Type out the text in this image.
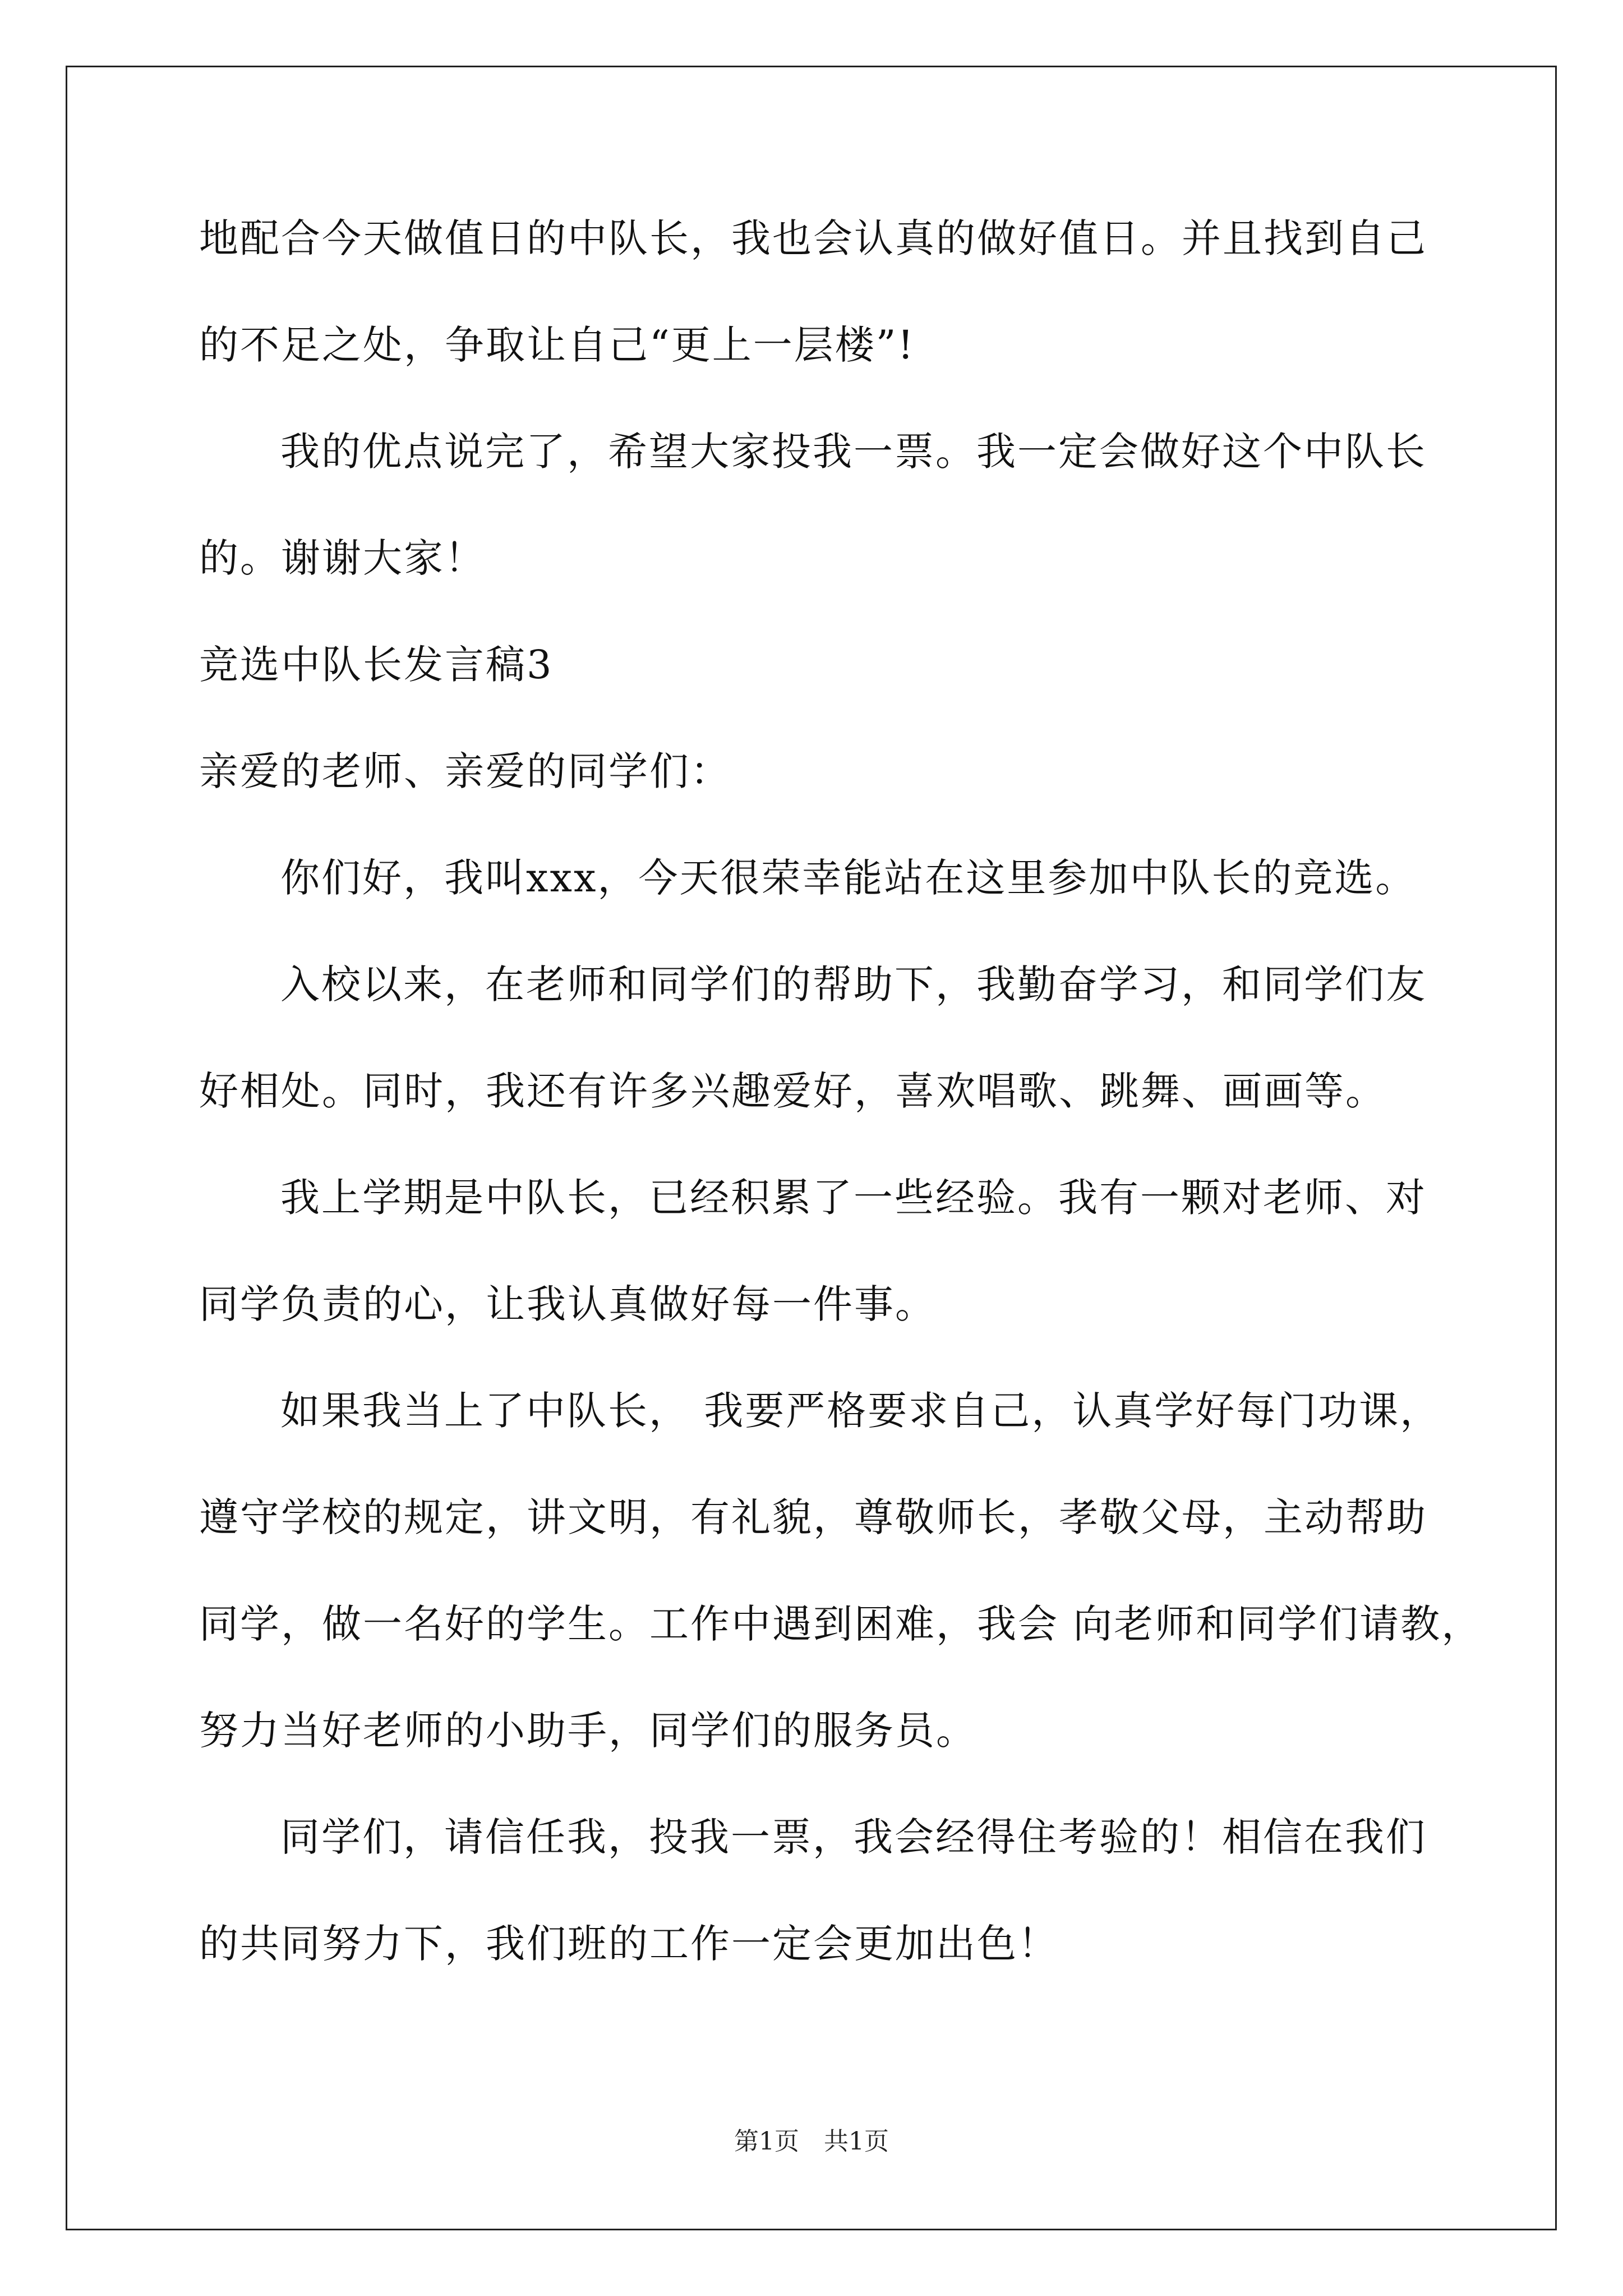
地配合今天做值日的中队长，我也会认真的做好值日。并且找到自己
的不足之处，争取让自己“更上一层楼”!
我的优点说完了，希望大家投我一票。我一定会做好这个中队长
的。谢谢大家！
竞选中队长发言稿3
亲爱的老师、亲爱的同学们：
你们好，我叫xxx，今天很荣幸能站在这里参加中队长的竞选。
入校以来，在老师和同学们的帮助下，我勤奋学习，和同学们友
好相处。同时，我还有许多兴趣爱好，喜欢唱歌、跳舞、画画等。
我上学期是中队长，已经积累了一些经验。我有一颗对老师、对
同学负责的心，让我认真做好每一件事。
如果我当上了中队长， 我要严格要求自己，认真学好每门功课，
遵守学校的规定，讲文明，有礼貌，尊敬师长，孝敬父母，主动帮助
同学，做一名好的学生。工作中遇到困难，我会 向老师和同学们请教，
努力当好老师的小助手，同学们的服务员。
同学们，请信任我，投我一票，我会经得住考验的！相信在我们
的共同努力下，我们班的工作一定会更加出色！
第1页　共1页
